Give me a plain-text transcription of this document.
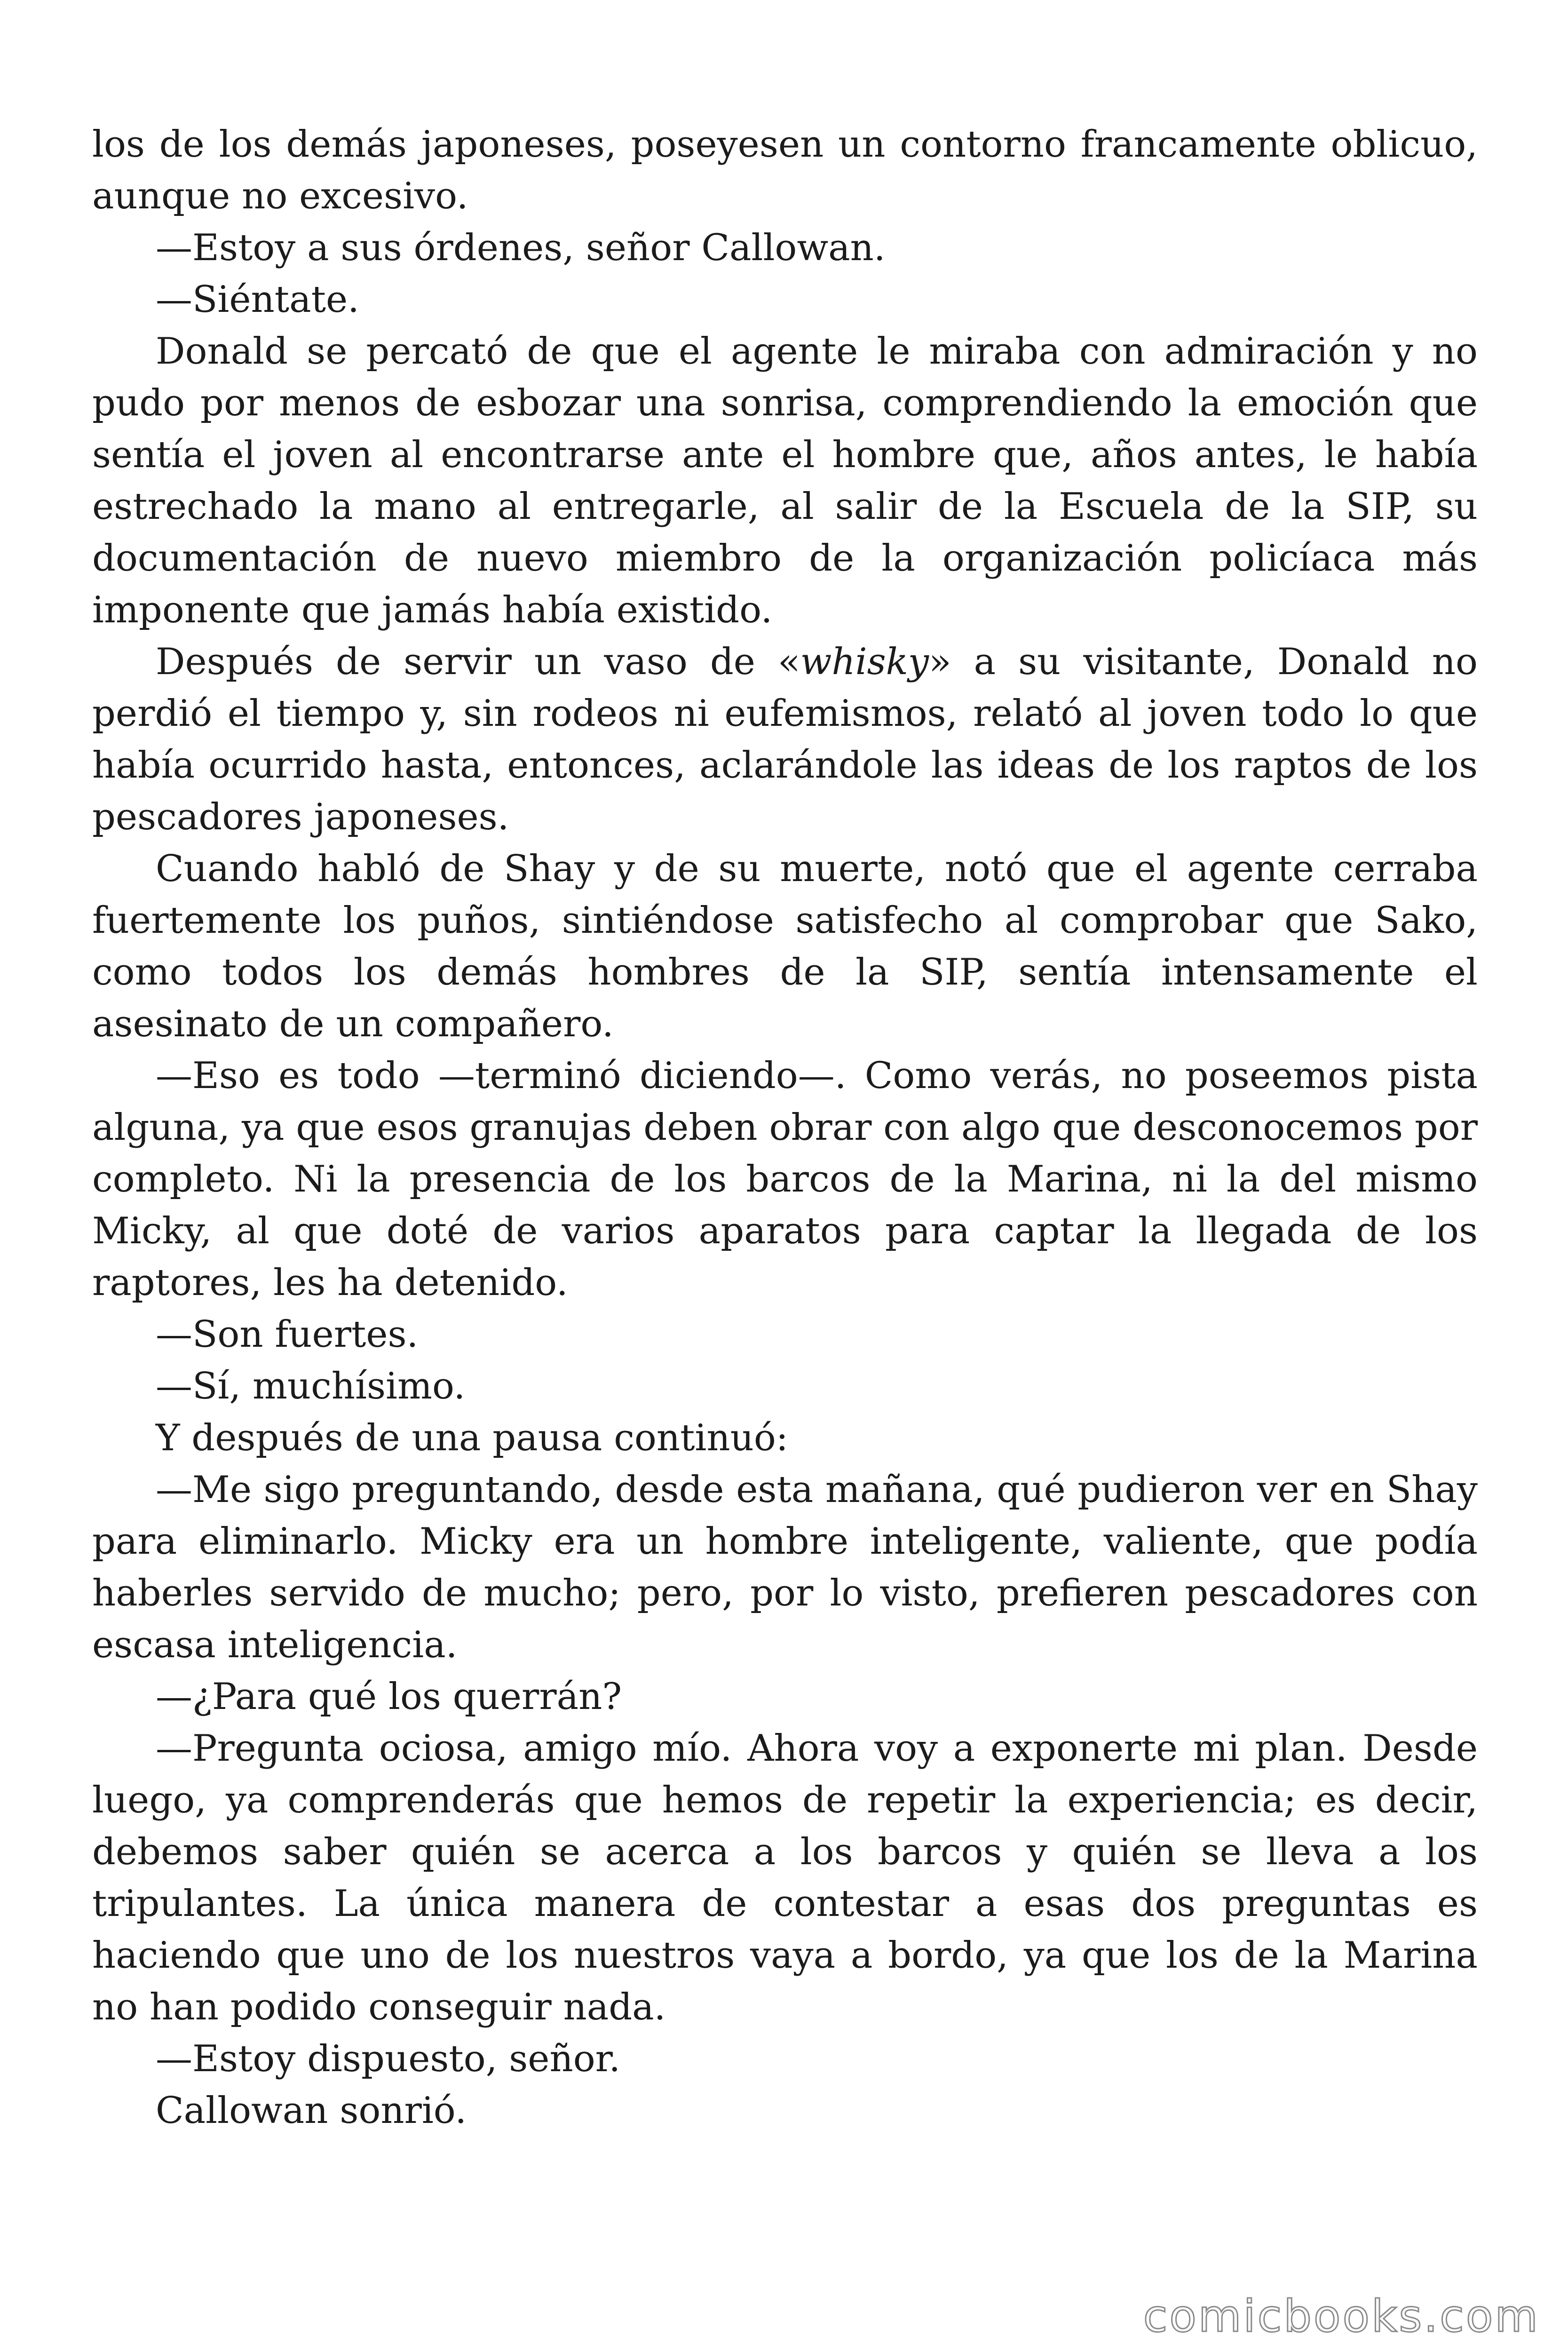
los de los demás japoneses, poseyesen un contorno francamente oblicuo, aunque no excesivo.

—Estoy a sus órdenes, señor Callowan.

—Siéntate.

Donald se percató de que el agente le miraba con admiración y no pudo por menos de esbozar una sonrisa, comprendiendo la emoción que sentía el joven al encontrarse ante el hombre que, años antes, le había estrechado la mano al entregarle, al salir de la Escuela de la SIP, su documentación de nuevo miembro de la organización policíaca más imponente que jamás había existido.

Después de servir un vaso de «whisky» a su visitante, Donald no perdió el tiempo y, sin rodeos ni eufemismos, relató al joven todo lo que había ocurrido hasta, entonces, aclarándole las ideas de los raptos de los pescadores japoneses.

Cuando habló de Shay y de su muerte, notó que el agente cerraba fuertemente los puños, sintiéndose satisfecho al comprobar que Sako, como todos los demás hombres de la SIP, sentía intensamente el asesinato de un compañero.

—Eso es todo —terminó diciendo—. Como verás, no poseemos pista alguna, ya que esos granujas deben obrar con algo que desconocemos por completo. Ni la presencia de los barcos de la Marina, ni la del mismo Micky, al que doté de varios aparatos para captar la llegada de los raptores, les ha detenido.

—Son fuertes.

—Sí, muchísimo.

Y después de una pausa continuó:

—Me sigo preguntando, desde esta mañana, qué pudieron ver en Shay para eliminarlo. Micky era un hombre inteligente, valiente, que podía haberles servido de mucho; pero, por lo visto, prefieren pescadores con escasa inteligencia.

—¿Para qué los querrán?

—Pregunta ociosa, amigo mío. Ahora voy a exponerte mi plan. Desde luego, ya comprenderás que hemos de repetir la experiencia; es decir, debemos saber quién se acerca a los barcos y quién se lleva a los tripulantes. La única manera de contestar a esas dos preguntas es haciendo que uno de los nuestros vaya a bordo, ya que los de la Marina no han podido conseguir nada.

—Estoy dispuesto, señor.

Callowan sonrió.

comicbooks.com
